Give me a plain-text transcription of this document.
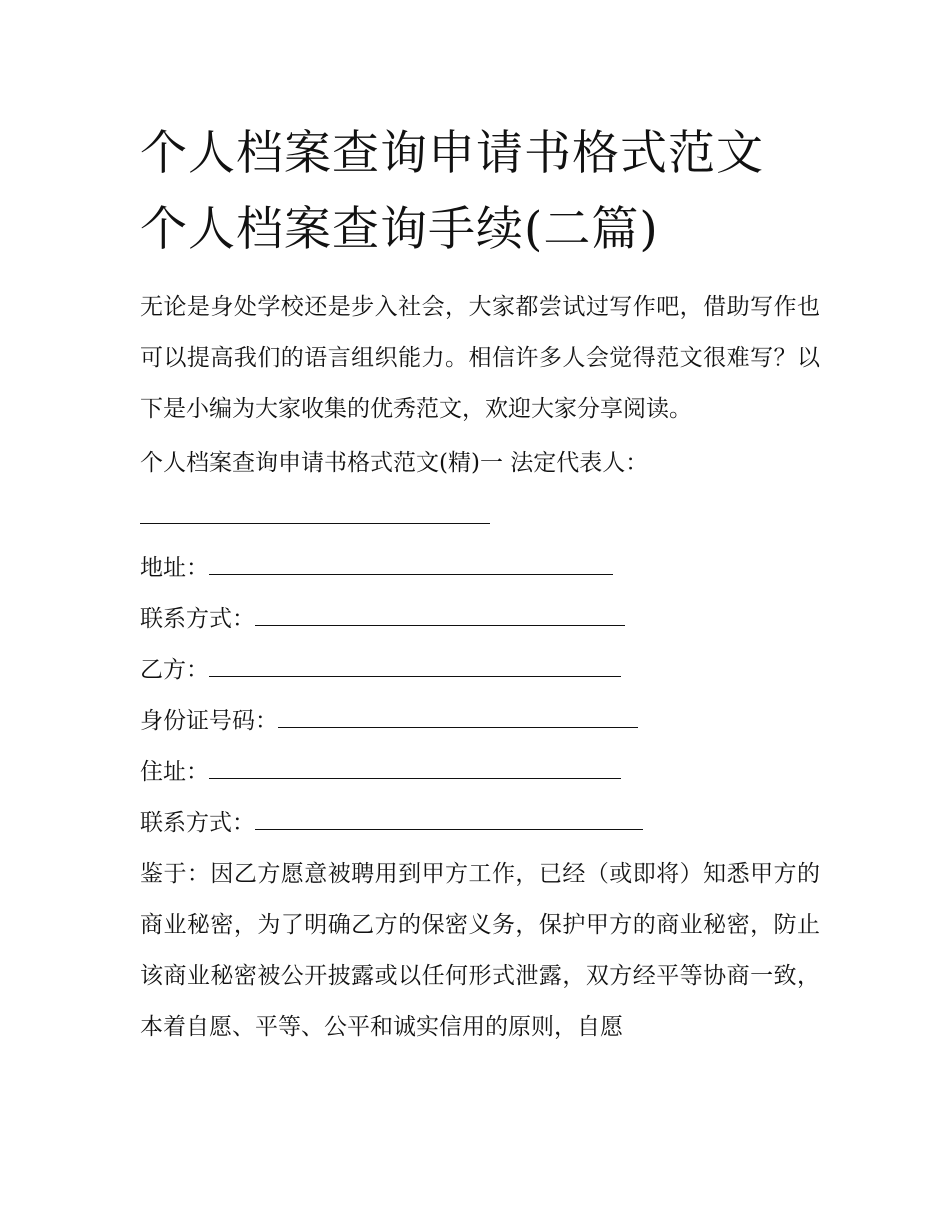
个人档案查询申请书格式范文
个人档案查询手续(二篇)

无论是身处学校还是步入社会，大家都尝试过写作吧，借助写作也可以提高我们的语言组织能力。相信许多人会觉得范文很难写？以下是小编为大家收集的优秀范文，欢迎大家分享阅读。

个人档案查询申请书格式范文(精)一 法定代表人：
地址：
联系方式：
乙方：
身份证号码：
住址：
联系方式：

鉴于：因乙方愿意被聘用到甲方工作，已经（或即将）知悉甲方的商业秘密，为了明确乙方的保密义务，保护甲方的商业秘密，防止该商业秘密被公开披露或以任何形式泄露，双方经平等协商一致，本着自愿、平等、公平和诚实信用的原则，自愿
